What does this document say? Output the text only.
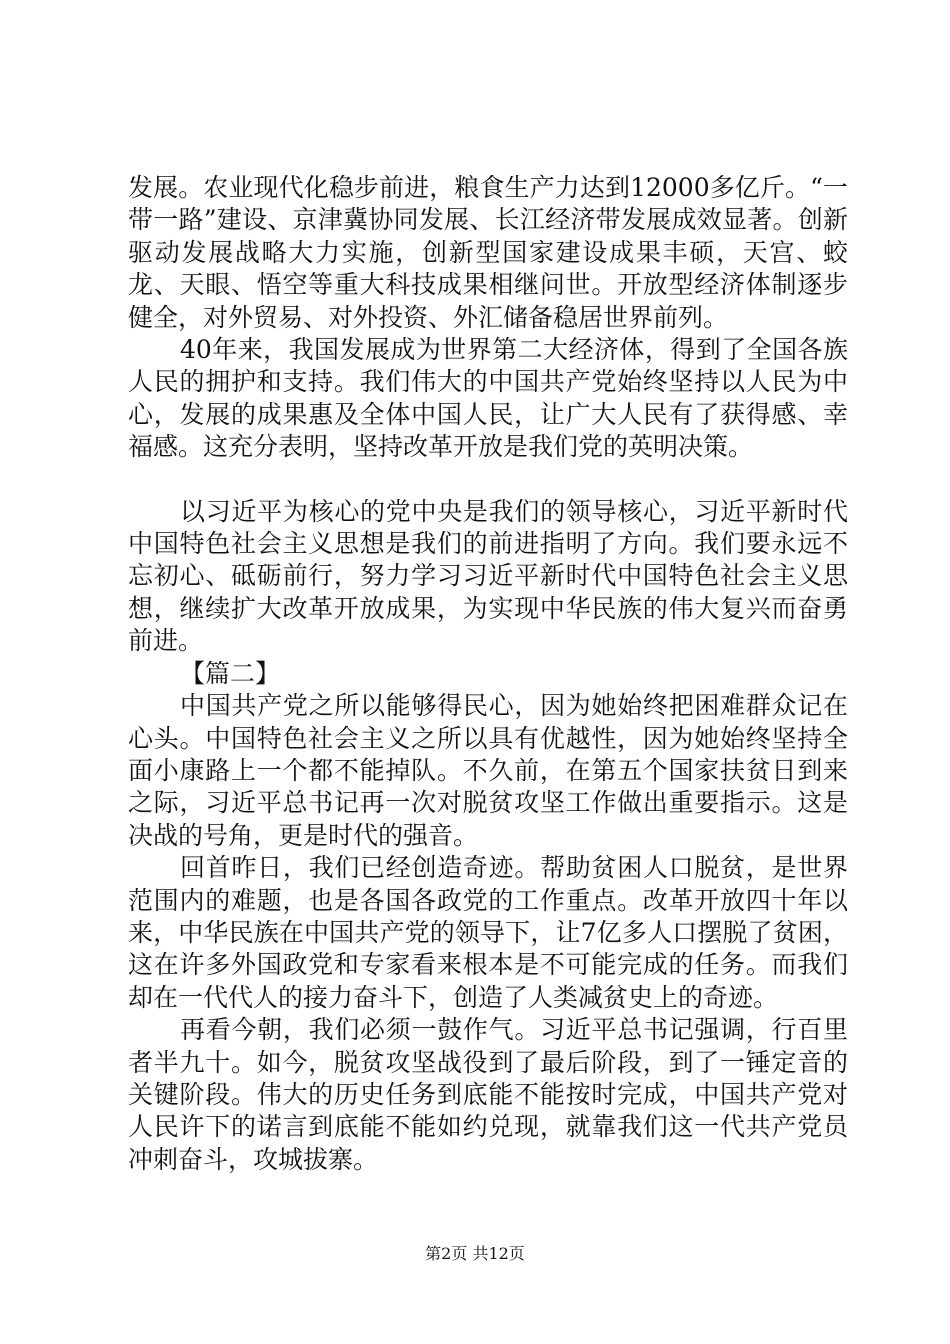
发展。农业现代化稳步前进，粮食生产力达到12000多亿斤。“一带一路”建设、京津冀协同发展、长江经济带发展成效显著。创新驱动发展战略大力实施，创新型国家建设成果丰硕，天宫、蛟龙、天眼、悟空等重大科技成果相继问世。开放型经济体制逐步健全，对外贸易、对外投资、外汇储备稳居世界前列。

40年来，我国发展成为世界第二大经济体，得到了全国各族人民的拥护和支持。我们伟大的中国共产党始终坚持以人民为中心，发展的成果惠及全体中国人民，让广大人民有了获得感、幸福感。这充分表明，坚持改革开放是我们党的英明决策。

以习近平为核心的党中央是我们的领导核心，习近平新时代中国特色社会主义思想是我们的前进指明了方向。我们要永远不忘初心、砥砺前行，努力学习习近平新时代中国特色社会主义思想，继续扩大改革开放成果，为实现中华民族的伟大复兴而奋勇前进。

【篇二】

中国共产党之所以能够得民心，因为她始终把困难群众记在心头。中国特色社会主义之所以具有优越性，因为她始终坚持全面小康路上一个都不能掉队。不久前，在第五个国家扶贫日到来之际，习近平总书记再一次对脱贫攻坚工作做出重要指示。这是决战的号角，更是时代的强音。

回首昨日，我们已经创造奇迹。帮助贫困人口脱贫，是世界范围内的难题，也是各国各政党的工作重点。改革开放四十年以来，中华民族在中国共产党的领导下，让7亿多人口摆脱了贫困，这在许多外国政党和专家看来根本是不可能完成的任务。而我们却在一代代人的接力奋斗下，创造了人类减贫史上的奇迹。

再看今朝，我们必须一鼓作气。习近平总书记强调，行百里者半九十。如今，脱贫攻坚战役到了最后阶段，到了一锤定音的关键阶段。伟大的历史任务到底能不能按时完成，中国共产党对人民许下的诺言到底能不能如约兑现，就靠我们这一代共产党员冲刺奋斗，攻城拔寨。

第2页 共12页
